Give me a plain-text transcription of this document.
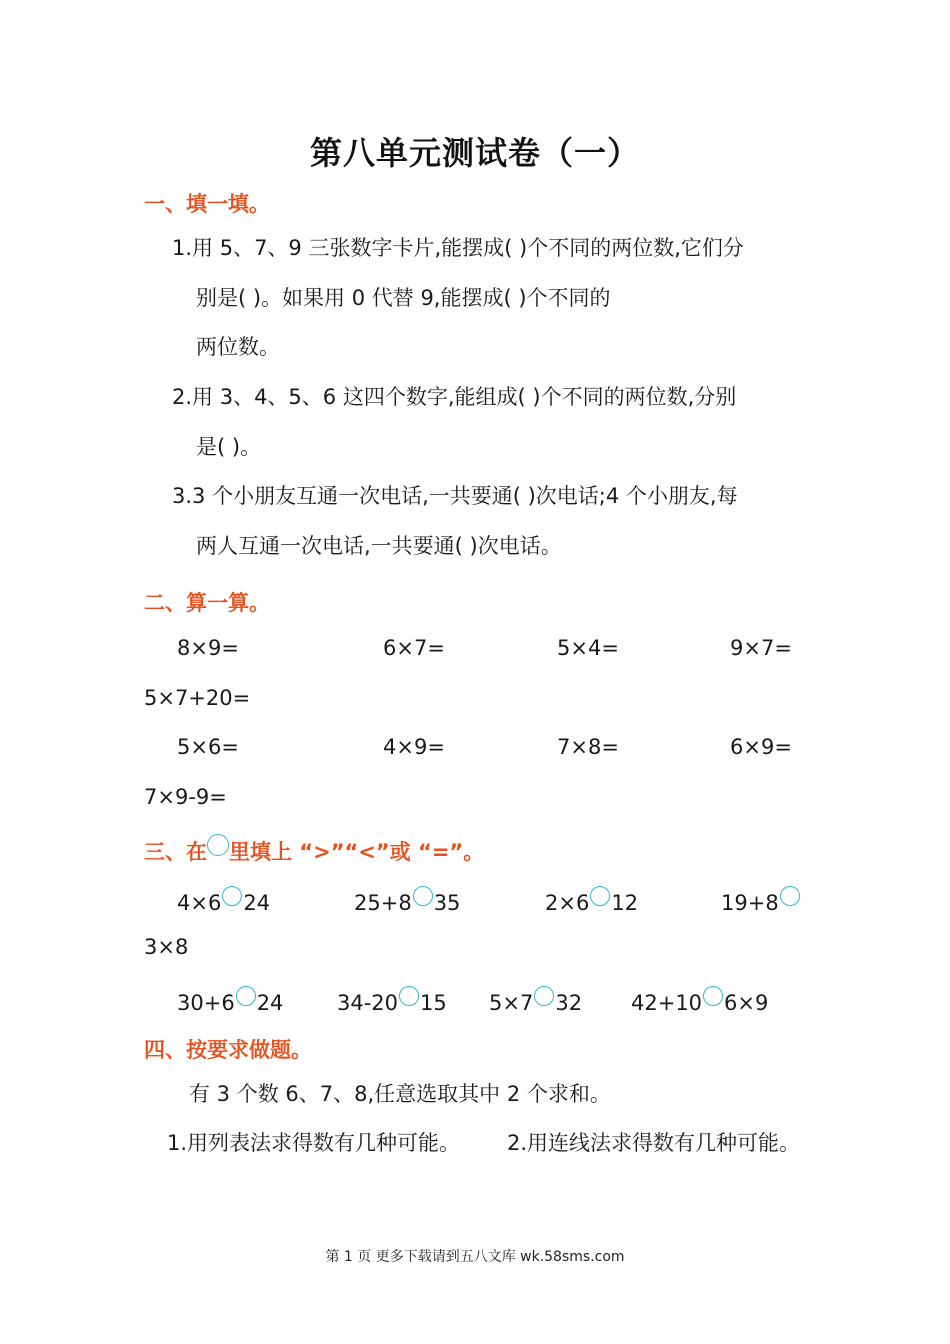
第八单元测试卷（一）
一、填一填。
1.用 5、7、9 三张数字卡片,能摆成( )个不同的两位数,它们分
别是( )。如果用 0 代替 9,能摆成( )个不同的
两位数。
2.用 3、4、5、6 这四个数字,能组成( )个不同的两位数,分别
是( )。
3.3 个小朋友互通一次电话,一共要通( )次电话;4 个小朋友,每
两人互通一次电话,一共要通( )次电话。
二、算一算。
8×9=	6×7=	5×4=	9×7=
5×7+20=
5×6=	4×9=	7×8=	6×9=
7×9-9=
三、在 里填上 “>”“<”或 “=”。
4×6 24	25+8 35	2×6 12	19+8
3×8
30+6 24	34-20 15 5×7 32 42+10 6×9
四、按要求做题。
有 3 个数 6、7、8,任意选取其中 2 个求和。
1.用列表法求得数有几种可能。 2.用连线法求得数有几种可能。
第 1 页 更多下载请到五八文库 wk.58sms.com
